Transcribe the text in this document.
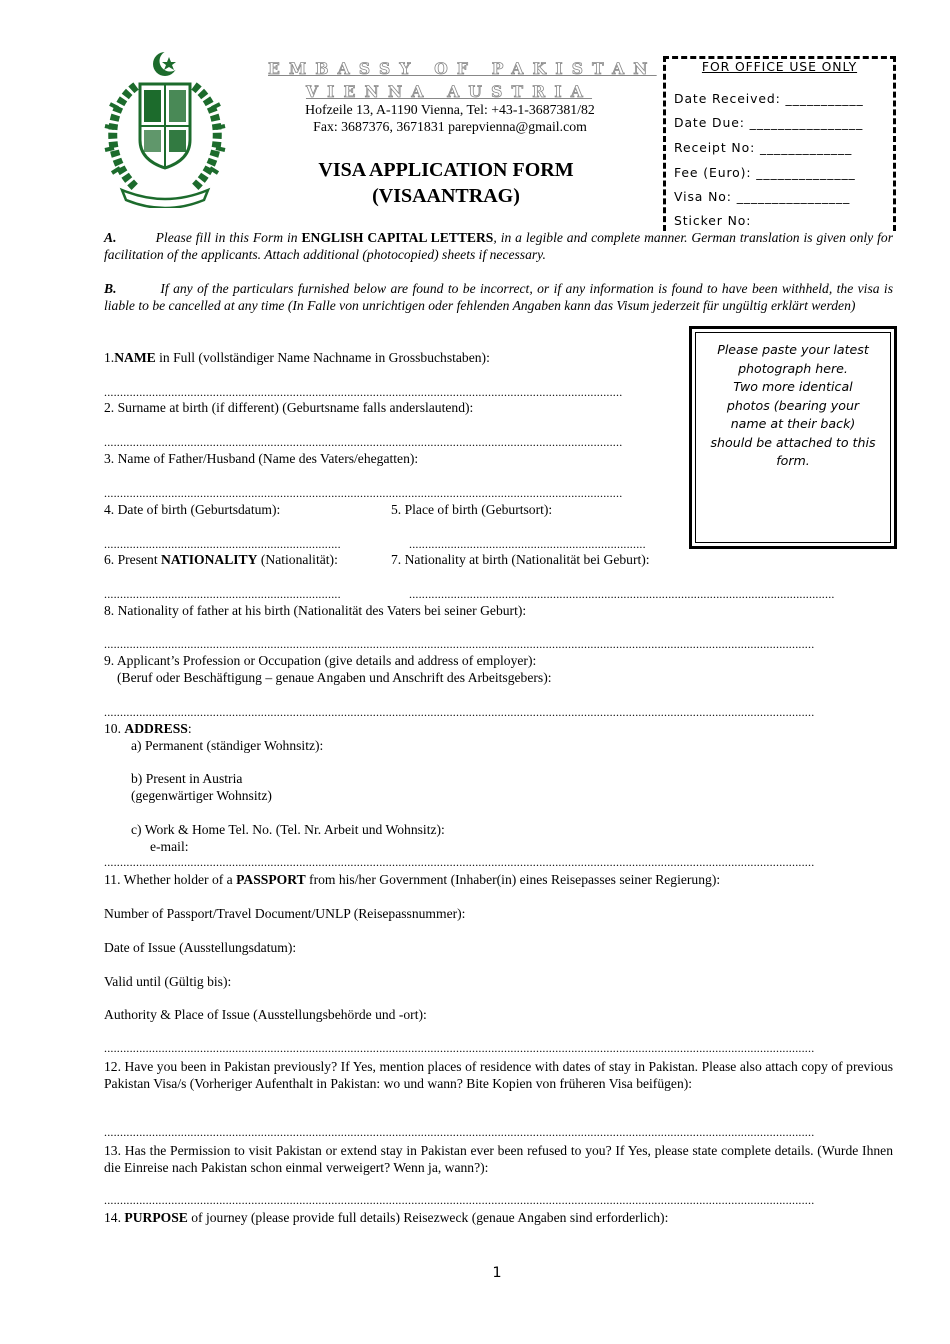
EMBASSY OF PAKISTAN
VIENNA AUSTRIA
Hofzeile 13, A-1190 Vienna, Tel: +43-1-3687381/82
Fax: 3687376, 3671831 parepvienna@gmail.com
VISA APPLICATION FORM
(VISAANTRAG)
FOR OFFICE USE ONLY
Date Received: ___________
Date Due: ________________
Receipt No: _____________
Fee (Euro): ______________
Visa No: ________________
Sticker No:
A.	Please fill in this Form in ENGLISH CAPITAL LETTERS, in a legible and complete manner. German translation is given only for facilitation of the applicants. Attach additional (photocopied) sheets if necessary.
B.	If any of the particulars furnished below are found to be incorrect, or if any information is found to have been withheld, the visa is liable to be cancelled at any time (In Falle von unrichtigen oder fehlenden Angaben kann das Visum jederzeit für ungültig erklärt werden)
Please paste your latest
photograph here.
Two more identical
photos (bearing your
name at their back)
should be attached to this
form.
1.NAME in Full (vollständiger Name Nachname in Grossbuchstaben):
..................................................................................................................................................................
2. Surname at birth (if different) (Geburtsname falls anderslautend):
..................................................................................................................................................................
3. Name of Father/Husband (Name des Vaters/ehegatten):
..................................................................................................................................................................
4. Date of birth (Geburtsdatum):	5. Place of birth (Geburtsort):
..........................................................................	..........................................................................
6. Present NATIONALITY (Nationalität):	7. Nationality at birth (Nationalität bei Geburt):
..........................................................................	.....................................................................................................................................
8. Nationality of father at his birth (Nationalität des Vaters bei seiner Geburt):
..............................................................................................................................................................................................................................
9. Applicant’s Profession or Occupation (give details and address of employer):
(Beruf oder Beschäftigung – genaue Angaben und Anschrift des Arbeitsgebers):
..............................................................................................................................................................................................................................
10. ADDRESS:
a) Permanent (ständiger Wohnsitz):
b) Present in Austria
(gegenwärtiger Wohnsitz)
c) Work & Home Tel. No. (Tel. Nr. Arbeit und Wohnsitz):
e-mail:
..............................................................................................................................................................................................................................
11. Whether holder of a PASSPORT from his/her Government (Inhaber(in) eines Reisepasses seiner Regierung):
Number of Passport/Travel Document/UNLP (Reisepassnummer):
Date of Issue (Ausstellungsdatum):
Valid until (Gültig bis):
Authority & Place of Issue (Ausstellungsbehörde und -ort):
..............................................................................................................................................................................................................................
12. Have you been in Pakistan previously? If Yes, mention places of residence with dates of stay in Pakistan. Please also attach copy of previous Pakistan Visa/s (Vorheriger Aufenthalt in Pakistan: wo und wann? Bite Kopien von früheren Visa beifügen):
..............................................................................................................................................................................................................................
13. Has the Permission to visit Pakistan or extend stay in Pakistan ever been refused to you? If Yes, please state complete details. (Wurde Ihnen die Einreise nach Pakistan schon einmal verweigert? Wenn ja, wann?):
..............................................................................................................................................................................................................................
14. PURPOSE of journey (please provide full details) Reisezweck (genaue Angaben sind erforderlich):
1
